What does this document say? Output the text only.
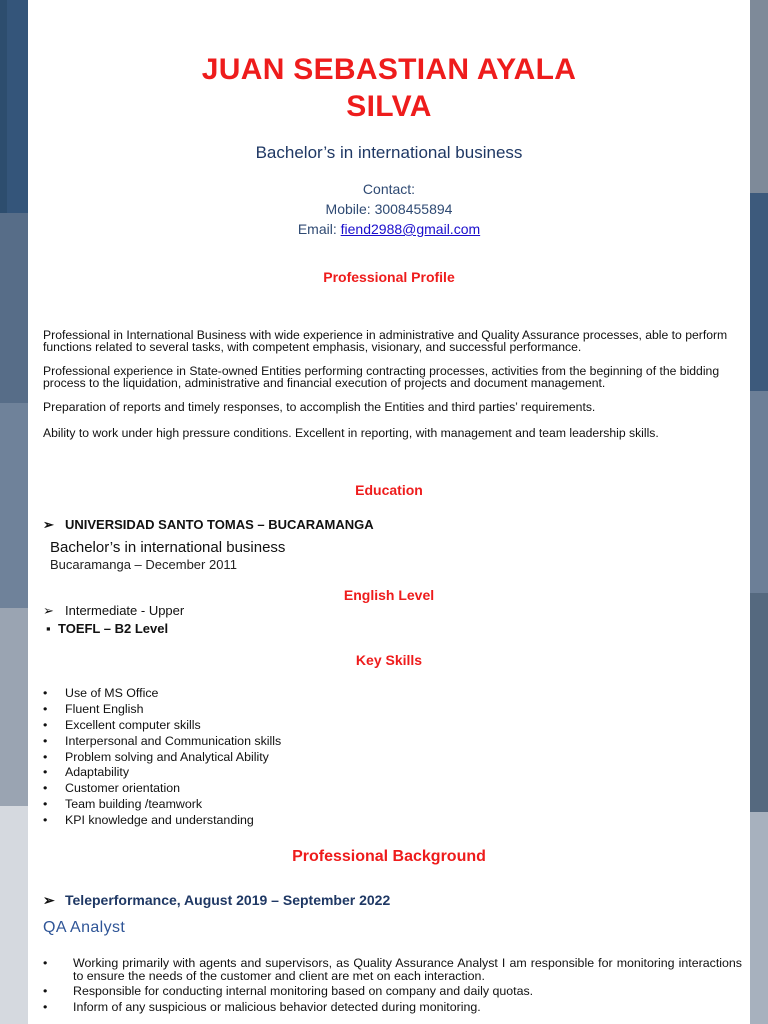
JUAN SEBASTIAN AYALA
SILVA
Bachelor’s in international business
Contact:
Mobile: 3008455894
Email: fiend2988@gmail.com
Professional Profile
Professional in International Business with wide experience in administrative and Quality Assurance processes, able to perform functions related to several tasks, with competent emphasis, visionary, and successful performance.
Professional experience in State-owned Entities performing contracting processes, activities from the beginning of the bidding process to the liquidation, administrative and financial execution of projects and document management.
Preparation of reports and timely responses, to accomplish the Entities and third parties’ requirements.
Ability to work under high pressure conditions. Excellent in reporting, with management and team leadership skills.
Education
➢ UNIVERSIDAD SANTO TOMAS – BUCARAMANGA
Bachelor’s in international business
Bucaramanga – December 2011
English Level
➢ Intermediate - Upper
▪ TOEFL – B2 Level
Key Skills
• Use of MS Office
• Fluent English
• Excellent computer skills
• Interpersonal and Communication skills
• Problem solving and Analytical Ability
• Adaptability
• Customer orientation
• Team building /teamwork
• KPI knowledge and understanding
Professional Background
➢ Teleperformance, August 2019 – September 2022
QA Analyst
•	Working primarily with agents and supervisors, as Quality Assurance Analyst I am responsible for monitoring interactions to ensure the needs of the customer and client are met on each interaction.
•	Responsible for conducting internal monitoring based on company and daily quotas.
•	Inform of any suspicious or malicious behavior detected during monitoring.
